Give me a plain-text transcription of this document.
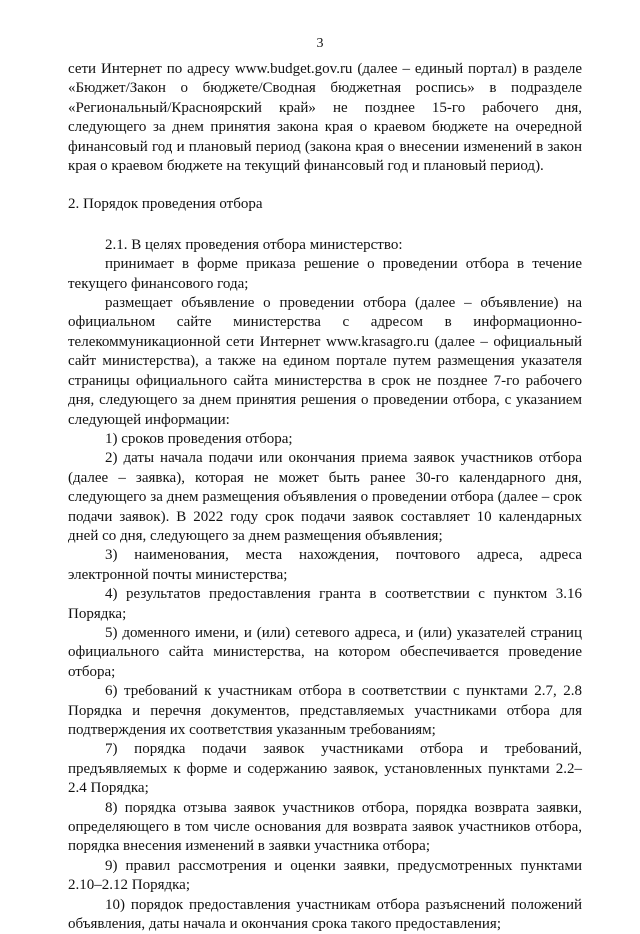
3

сети Интернет по адресу www.budget.gov.ru (далее – единый портал) в разделе «Бюджет/Закон о бюджете/Сводная бюджетная роспись» в подразделе «Региональный/Красноярский край» не позднее 15-го рабочего дня, следующего за днем принятия закона края о краевом бюджете на очередной финансовый год и плановый период (закона края о внесении изменений в закон края о краевом бюджете на текущий финансовый год и плановый период).

2. Порядок проведения отбора

2.1. В целях проведения отбора министерство:

принимает в форме приказа решение о проведении отбора в течение текущего финансового года;

размещает объявление о проведении отбора (далее – объявление) на официальном сайте министерства с адресом в информационно-телекоммуникационной сети Интернет www.krasagro.ru (далее – официальный сайт министерства), а также на едином портале путем размещения указателя страницы официального сайта министерства в срок не позднее 7-го рабочего дня, следующего за днем принятия решения о проведении отбора, с указанием следующей информации:

1) сроков проведения отбора;

2) даты начала подачи или окончания приема заявок участников отбора (далее – заявка), которая не может быть ранее 30-го календарного дня, следующего за днем размещения объявления о проведении отбора (далее – срок подачи заявок). В 2022 году срок подачи заявок составляет 10 календарных дней со дня, следующего за днем размещения объявления;

3) наименования, места нахождения, почтового адреса, адреса электронной почты министерства;

4) результатов предоставления гранта в соответствии с пунктом 3.16 Порядка;

5) доменного имени, и (или) сетевого адреса, и (или) указателей страниц официального сайта министерства, на котором обеспечивается проведение отбора;

6) требований к участникам отбора в соответствии с пунктами 2.7, 2.8 Порядка и перечня документов, представляемых участниками отбора для подтверждения их соответствия указанным требованиям;

7) порядка подачи заявок участниками отбора и требований, предъявляемых к форме и содержанию заявок, установленных пунктами 2.2–2.4 Порядка;

8) порядка отзыва заявок участников отбора, порядка возврата заявки, определяющего в том числе основания для возврата заявок участников отбора, порядка внесения изменений в заявки участника отбора;

9) правил рассмотрения и оценки заявки, предусмотренных пунктами 2.10–2.12 Порядка;

10) порядок предоставления участникам отбора разъяснений положений объявления, даты начала и окончания срока такого предоставления;
